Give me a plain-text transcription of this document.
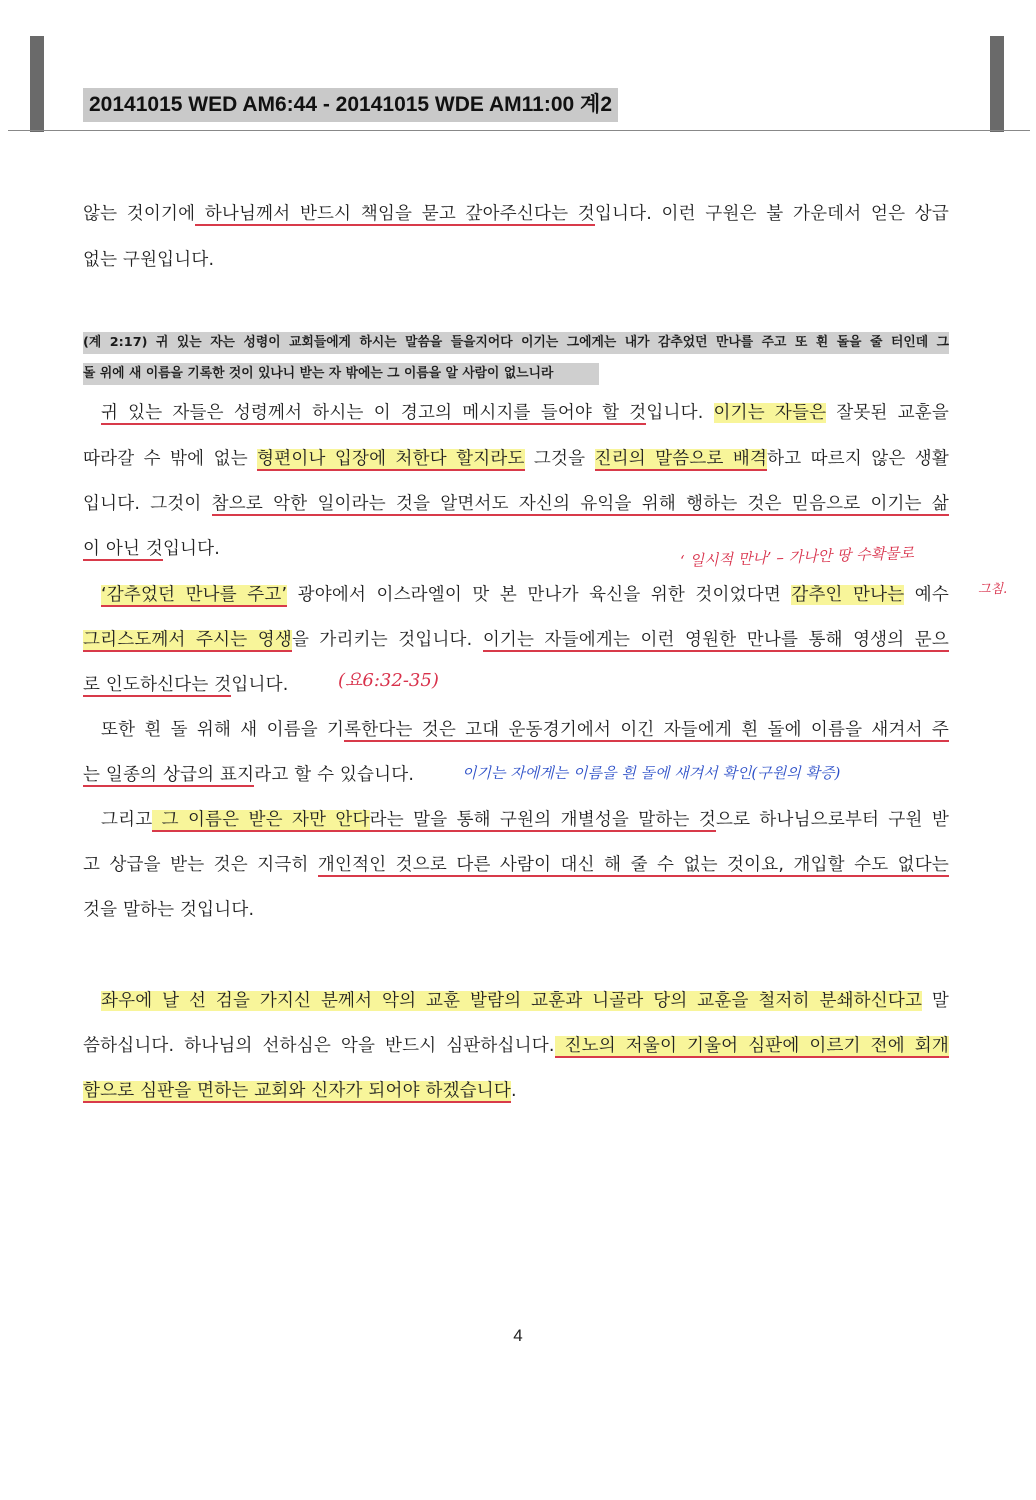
20141015 WED AM6:44 - 20141015 WDE AM11:00 계2
않는 것이기에 하나님께서 반드시 책임을 묻고 갚아주신다는 것입니다. 이런 구원은 불 가운데서 얻은 상급
없는 구원입니다.
(계 2:17) 귀 있는 자는 성령이 교회들에게 하시는 말씀을 들을지어다 이기는 그에게는 내가 감추었던 만나를 주고 또 흰 돌을 줄 터인데 그
돌 위에 새 이름을 기록한 것이 있나니 받는 자 밖에는 그 이름을 알 사람이 없느니라
귀 있는 자들은 성령께서 하시는 이 경고의 메시지를 들어야 할 것입니다. 이기는 자들은 잘못된 교훈을
따라갈 수 밖에 없는 형편이나 입장에 처한다 할지라도 그것을 진리의 말씀으로 배격하고 따르지 않은 생활
입니다. 그것이 참으로 악한 일이라는 것을 알면서도 자신의 유익을 위해 행하는 것은 믿음으로 이기는 삶
이 아닌 것입니다.
‘감추었던 만나를 주고’ 광야에서 이스라엘이 맛 본 만나가 육신을 위한 것이었다면 감추인 만나는 예수
그리스도께서 주시는 영생을 가리키는 것입니다. 이기는 자들에게는 이런 영원한 만나를 통해 영생의 문으
로 인도하신다는 것입니다.
또한 흰 돌 위해 새 이름을 기록한다는 것은 고대 운동경기에서 이긴 자들에게 흰 돌에 이름을 새겨서 주
는 일종의 상급의 표지라고 할 수 있습니다.
그리고 그 이름은 받은 자만 안다라는 말을 통해 구원의 개별성을 말하는 것으로 하나님으로부터 구원 받
고 상급을 받는 것은 지극히 개인적인 것으로 다른 사람이 대신 해 줄 수 없는 것이요, 개입할 수도 없다는
것을 말하는 것입니다.
좌우에 날 선 검을 가지신 분께서 악의 교훈 발람의 교훈과 니골라 당의 교훈을 철저히 분쇄하신다고 말
씀하십니다. 하나님의 선하심은 악을 반드시 심판하십니다. 진노의 저울이 기울어 심판에 이르기 전에 회개
함으로 심판을 면하는 교회와 신자가 되어야 하겠습니다.
‘ 일시적 만나’ – 가나안 땅 수확물로
그침.
(요6:32-35)
이기는 자에게는 이름을 흰 돌에 새겨서 확인(구원의 확증)
4
